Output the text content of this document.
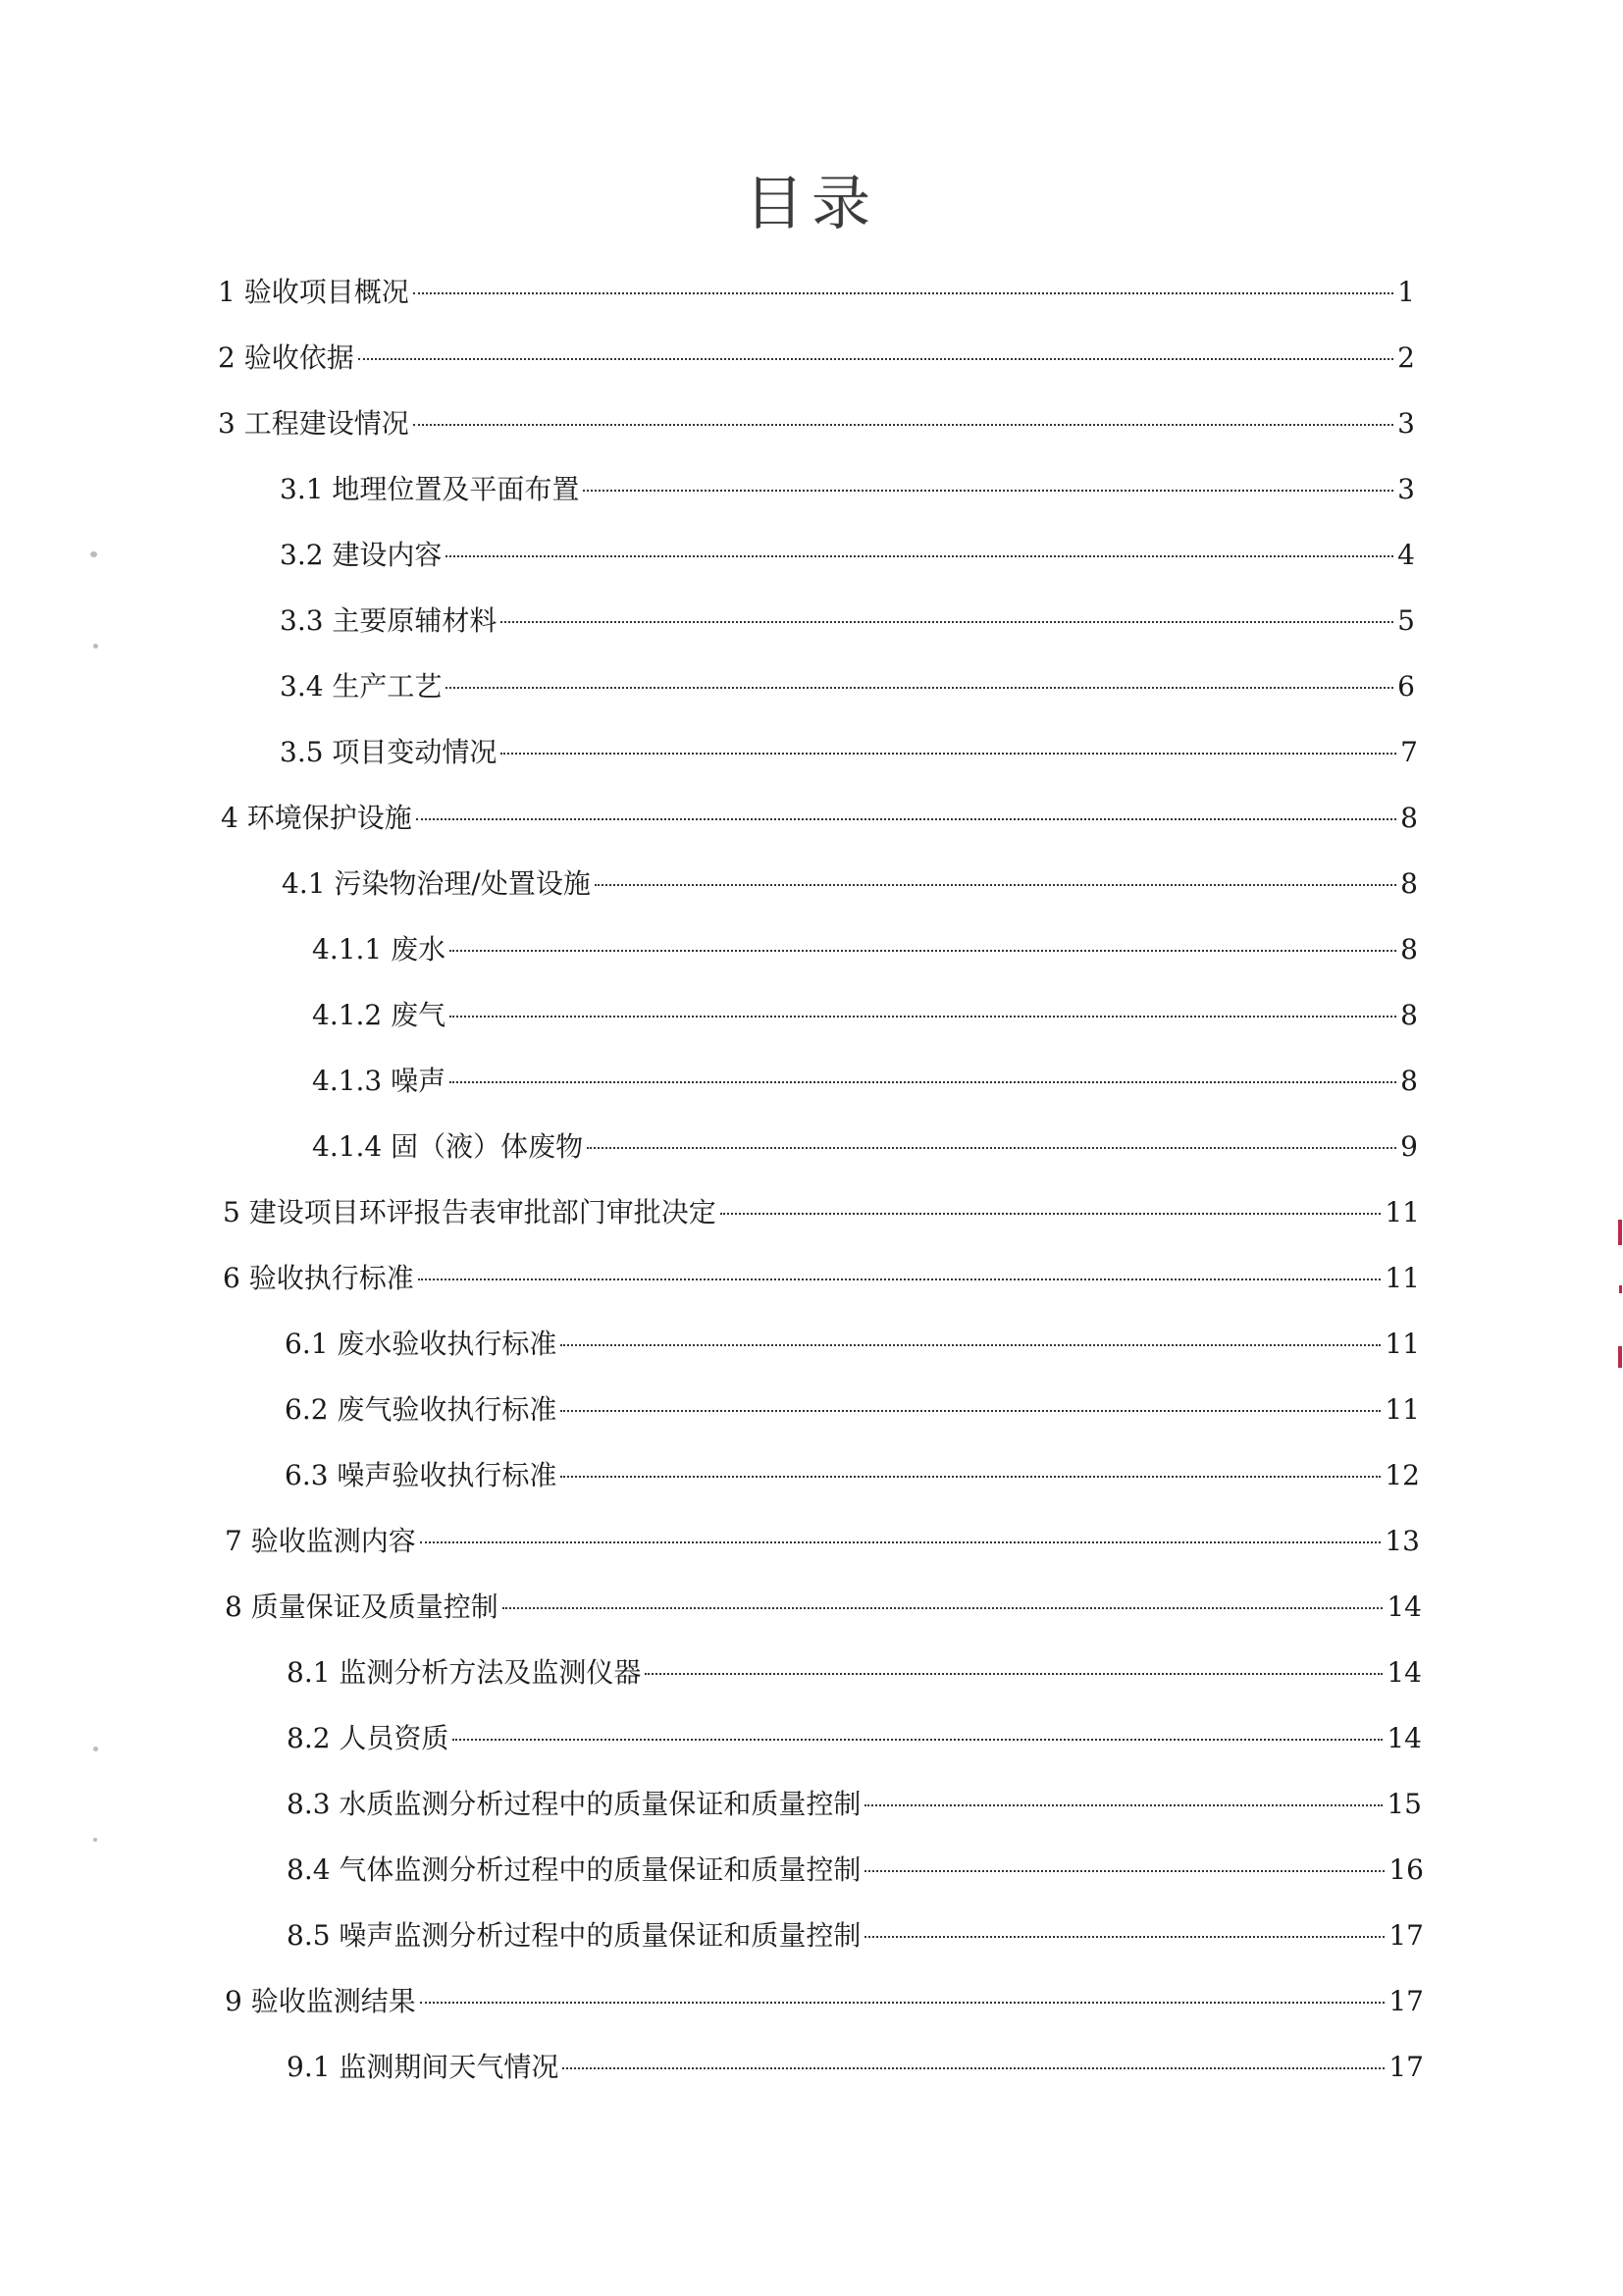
目录
1 验收项目概况	1
2 验收依据	2
3 工程建设情况	3
3.1 地理位置及平面布置	3
3.2 建设内容	4
3.3 主要原辅材料	5
3.4 生产工艺	6
3.5 项目变动情况	7
4 环境保护设施	8
4.1 污染物治理/处置设施	8
4.1.1 废水	8
4.1.2 废气	8
4.1.3 噪声	8
4.1.4 固（液）体废物	9
5 建设项目环评报告表审批部门审批决定	11
6 验收执行标准	11
6.1 废水验收执行标准	11
6.2 废气验收执行标准	11
6.3 噪声验收执行标准	12
7 验收监测内容	13
8 质量保证及质量控制	14
8.1 监测分析方法及监测仪器	14
8.2 人员资质	14
8.3 水质监测分析过程中的质量保证和质量控制	15
8.4 气体监测分析过程中的质量保证和质量控制	16
8.5 噪声监测分析过程中的质量保证和质量控制	17
9 验收监测结果	17
9.1 监测期间天气情况	17
